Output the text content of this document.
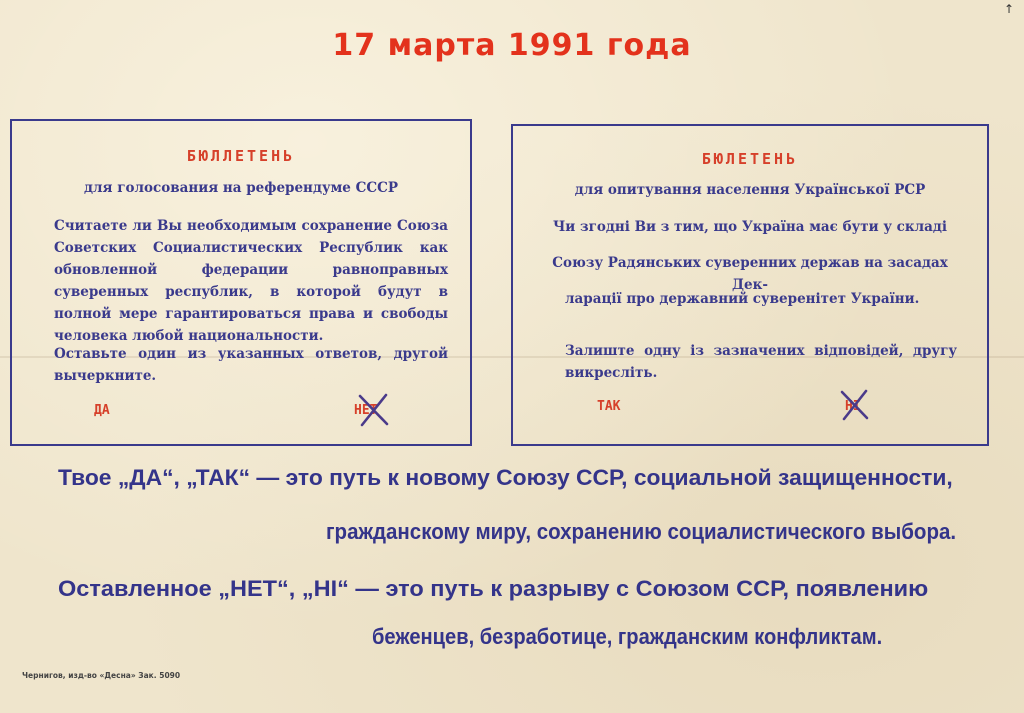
↑
17 марта 1991 года
БЮЛЛЕТЕНЬ
для голосования на референдуме СССР
Считаете ли Вы необходимым сохранение Союза Советских Социалистических Республик как обновленной федерации равноправных суверенных республик, в которой будут в полной мере гарантироваться права и свободы человека любой национальности.
Оставьте один из указанных ответов, другой вычеркните.
ДА	НЕТ
БЮЛЕТЕНЬ
для опитування населення Української РСР
Чи згодні Ви з тим, що Україна має бути у складі
Союзу Радянських суверенних держав на засадах Дек-
ларації про державний суверенітет України.
Залиште одну із зазначених відповідей, другу викресліть.
ТАК	НІ
Твое „ДА“, „ТАК“ — это путь к новому Союзу ССР, социальной защищенности,
гражданскому миру, сохранению социалистического выбора.
Оставленное „НЕТ“, „НІ“ — это путь к разрыву с Союзом ССР, появлению
беженцев, безработице, гражданским конфликтам.
Чернигов, изд-во «Десна» Зак. 5090
